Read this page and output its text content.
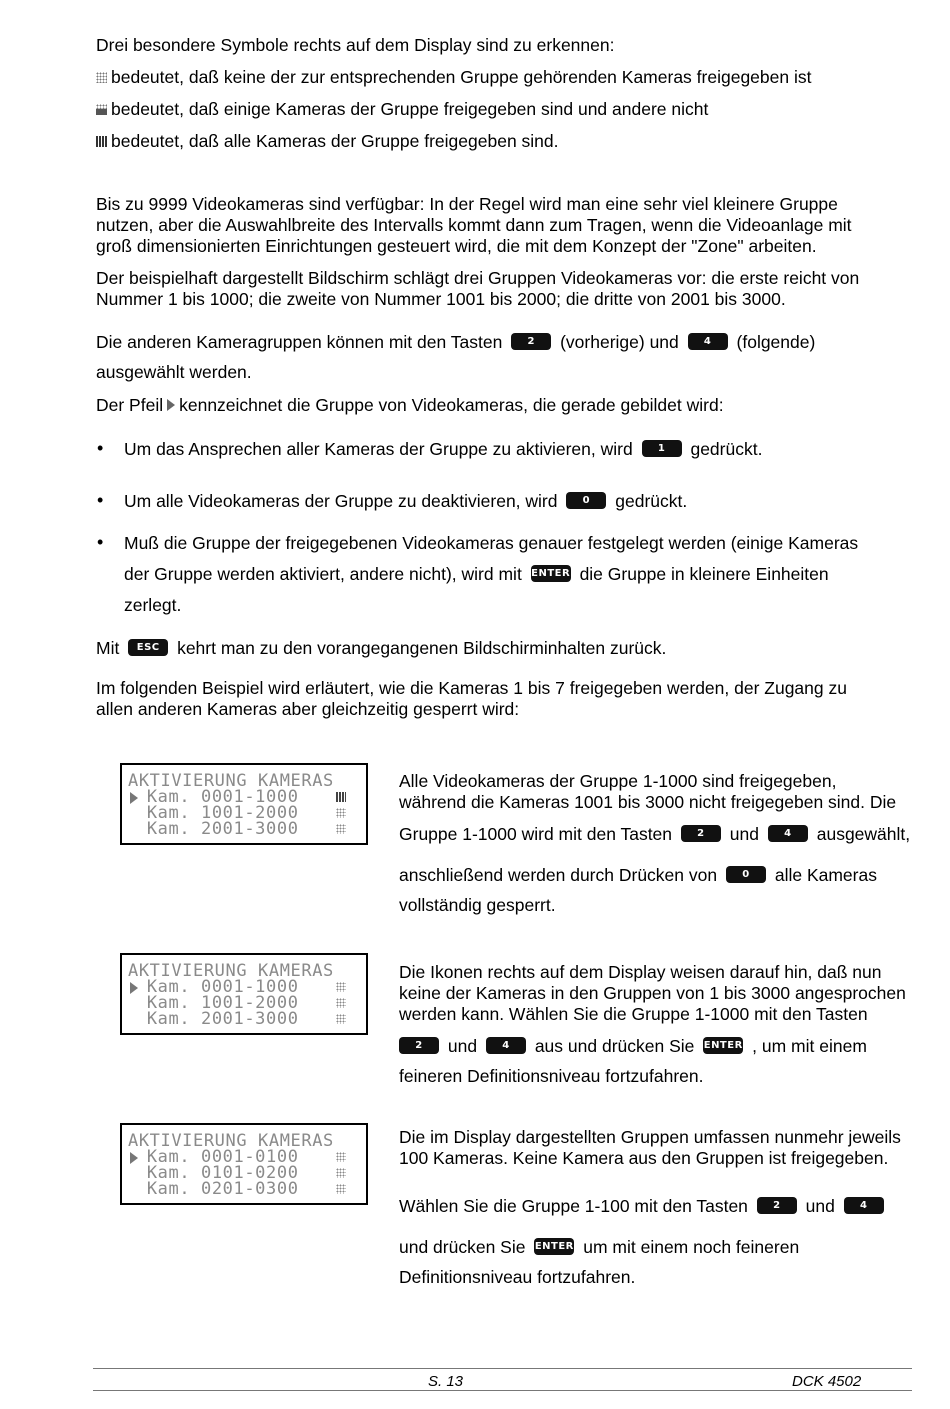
Drei besondere Symbole rechts auf dem Display sind zu erkennen:
bedeutet, daß keine der zur entsprechenden Gruppe gehörenden Kameras freigegeben ist
bedeutet, daß einige Kameras der Gruppe freigegeben sind und andere nicht
bedeutet, daß alle Kameras der Gruppe freigegeben sind.
Bis zu 9999 Videokameras sind verfügbar: In der Regel wird man eine sehr viel kleinere Gruppe
nutzen, aber die Auswahlbreite des Intervalls kommt dann zum Tragen, wenn die Videoanlage mit
groß dimensionierten Einrichtungen gesteuert wird, die mit dem Konzept der "Zone" arbeiten.
Der beispielhaft dargestellt Bildschirm schlägt drei Gruppen Videokameras vor: die erste reicht von
Nummer 1 bis 1000; die zweite von Nummer 1001 bis 2000; die dritte von 2001 bis 3000.
Die anderen Kameragruppen können mit den Tasten	2 (vorherige) und	4 (folgende)
ausgewählt werden.
Der Pfeil kennzeichnet die Gruppe von Videokameras, die gerade gebildet wird:
• Um das Ansprechen aller Kameras der Gruppe zu aktivieren, wird	1 gedrückt.
• Um alle Videokameras der Gruppe zu deaktivieren, wird	0 gedrückt.
• Muß die Gruppe der freigegebenen Videokameras genauer festgelegt werden (einige Kameras
der Gruppe werden aktiviert, andere nicht), wird mit ENTER die Gruppe in kleinere Einheiten
zerlegt.
Mit ESC kehrt man zu den vorangegangenen Bildschirminhalten zurück.
Im folgenden Beispiel wird erläutert, wie die Kameras 1 bis 7 freigegeben werden, der Zugang zu
allen anderen Kameras aber gleichzeitig gesperrt wird:
AKTIVIERUNG KAMERAS
Kam. 0001-1000
Kam. 1001-2000
Kam. 2001-3000
Alle Videokameras der Gruppe 1-1000 sind freigegeben,
während die Kameras 1001 bis 3000 nicht freigegeben sind. Die
Gruppe 1-1000 wird mit den Tasten	2 und	4 ausgewählt,
anschließend werden durch Drücken von	0 alle Kameras
vollständig gesperrt.
AKTIVIERUNG KAMERAS
Kam. 0001-1000
Kam. 1001-2000
Kam. 2001-3000
Die Ikonen rechts auf dem Display weisen darauf hin, daß nun
keine der Kameras in den Gruppen von 1 bis 3000 angesprochen
werden kann. Wählen Sie die Gruppe 1-1000 mit den Tasten
2 und	4 aus und drücken Sie ENTER , um mit einem
feineren Definitionsniveau fortzufahren.
AKTIVIERUNG KAMERAS
Kam. 0001-0100
Kam. 0101-0200
Kam. 0201-0300
Die im Display dargestellten Gruppen umfassen nunmehr jeweils
100 Kameras. Keine Kamera aus den Gruppen ist freigegeben.
Wählen Sie die Gruppe 1-100 mit den Tasten	2 und	4
und drücken Sie ENTER um mit einem noch feineren
Definitionsniveau fortzufahren.
S. 13	DCK 4502
